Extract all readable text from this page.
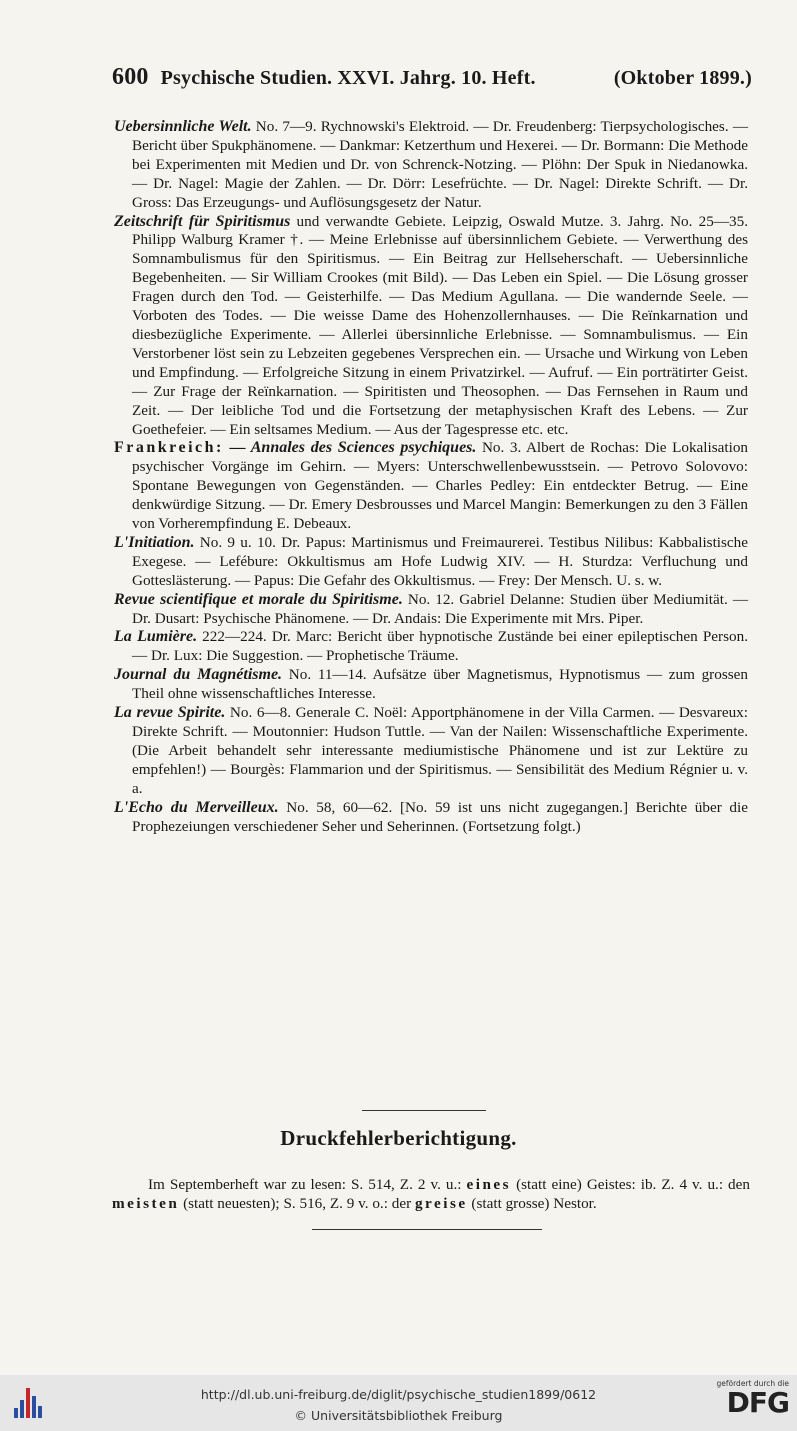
600 Psychische Studien. XXVI. Jahrg. 10. Heft.	(Oktober 1899.)

Uebersinnliche Welt. No. 7—9. Rychnowski's Elektroid. — Dr. Freudenberg: Tierpsychologisches. — Bericht über Spukphänomene. — Dankmar: Ketzerthum und Hexerei. — Dr. Bormann: Die Methode bei Experimenten mit Medien und Dr. von Schrenck-Notzing. — Plöhn: Der Spuk in Niedanowka. — Dr. Nagel: Magie der Zahlen. — Dr. Dörr: Lesefrüchte. — Dr. Nagel: Direkte Schrift. — Dr. Gross: Das Erzeugungs- und Auflösungsgesetz der Natur.

Zeitschrift für Spiritismus und verwandte Gebiete. Leipzig, Oswald Mutze. 3. Jahrg. No. 25—35. Philipp Walburg Kramer †. — Meine Erlebnisse auf übersinnlichem Gebiete. — Verwerthung des Somnambulismus für den Spiritismus. — Ein Beitrag zur Hellseherschaft. — Uebersinnliche Begebenheiten. — Sir William Crookes (mit Bild). — Das Leben ein Spiel. — Die Lösung grosser Fragen durch den Tod. — Geisterhilfe. — Das Medium Agullana. — Die wandernde Seele. — Vorboten des Todes. — Die weisse Dame des Hohenzollernhauses. — Die Reïnkarnation und diesbezügliche Experimente. — Allerlei übersinnliche Erlebnisse. — Somnambulismus. — Ein Verstorbener löst sein zu Lebzeiten gegebenes Versprechen ein. — Ursache und Wirkung von Leben und Empfindung. — Erfolgreiche Sitzung in einem Privatzirkel. — Aufruf. — Ein porträtirter Geist. — Zur Frage der Reïnkarnation. — Spiritisten und Theosophen. — Das Fernsehen in Raum und Zeit. — Der leibliche Tod und die Fortsetzung der metaphysischen Kraft des Lebens. — Zur Goethefeier. — Ein seltsames Medium. — Aus der Tagespresse etc. etc.

Frankreich: — Annales des Sciences psychiques. No. 3. Albert de Rochas: Die Lokalisation psychischer Vorgänge im Gehirn. — Myers: Unterschwellenbewusstsein. — Petrovo Solovovo: Spontane Bewegungen von Gegenständen. — Charles Pedley: Ein entdeckter Betrug. — Eine denkwürdige Sitzung. — Dr. Emery Desbrousses und Marcel Mangin: Bemerkungen zu den 3 Fällen von Vorherempfindung E. Debeaux.

L'Initiation. No. 9 u. 10. Dr. Papus: Martinismus und Freimaurerei. Testibus Nilibus: Kabbalistische Exegese. — Lefébure: Okkultismus am Hofe Ludwig XIV. — H. Sturdza: Verfluchung und Gotteslästerung. — Papus: Die Gefahr des Okkultismus. — Frey: Der Mensch. U. s. w.

Revue scientifique et morale du Spiritisme. No. 12. Gabriel Delanne: Studien über Mediumität. — Dr. Dusart: Psychische Phänomene. — Dr. Andais: Die Experimente mit Mrs. Piper.

La Lumière. 222—224. Dr. Marc: Bericht über hypnotische Zustände bei einer epileptischen Person. — Dr. Lux: Die Suggestion. — Prophetische Träume.

Journal du Magnétisme. No. 11—14. Aufsätze über Magnetismus, Hypnotismus — zum grossen Theil ohne wissenschaftliches Interesse.

La revue Spirite. No. 6—8. Generale C. Noël: Apportphänomene in der Villa Carmen. — Desvareux: Direkte Schrift. — Moutonnier: Hudson Tuttle. — Van der Nailen: Wissenschaftliche Experimente. (Die Arbeit behandelt sehr interessante mediumistische Phänomene und ist zur Lektüre zu empfehlen!) — Bourgès: Flammarion und der Spiritismus. — Sensibilität des Medium Régnier u. v. a.

L'Echo du Merveilleux. No. 58, 60—62. [No. 59 ist uns nicht zugegangen.] Berichte über die Prophezeiungen verschiedener Seher und Seherinnen. (Fortsetzung folgt.)

Druckfehlerberichtigung.

Im Septemberheft war zu lesen: S. 514, Z. 2 v. u.: eines (statt eine) Geistes: ib. Z. 4 v. u.: den meisten (statt neuesten); S. 516, Z. 9 v. o.: der greise (statt grosse) Nestor.

http://dl.ub.uni-freiburg.de/diglit/psychische_studien1899/0612
© Universitätsbibliothek Freiburg
gefördert durch die
DFG
